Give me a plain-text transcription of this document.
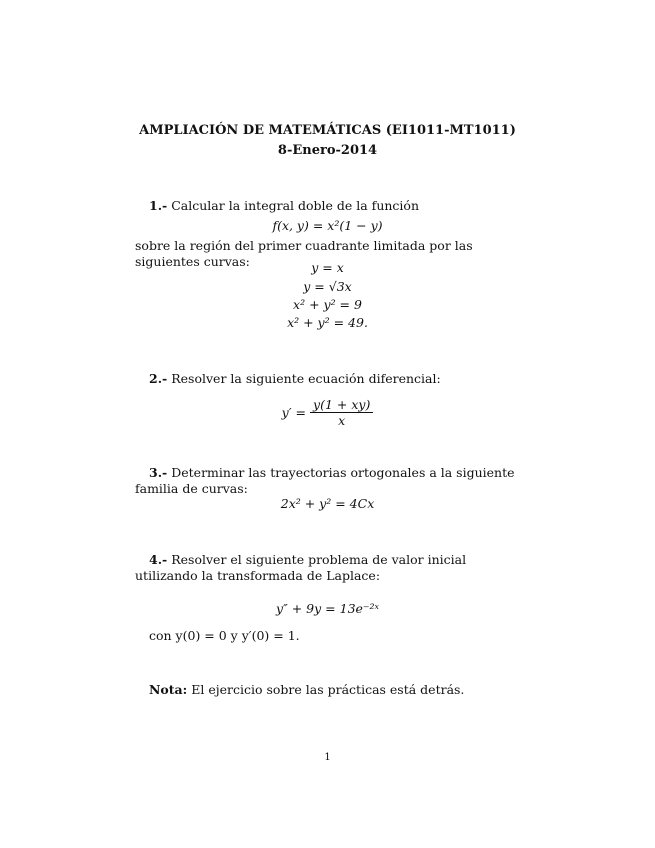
AMPLIACIÓN DE MATEMÁTICAS (EI1011-MT1011)
8-Enero-2014
1.- Calcular la integral doble de la función
f(x, y) = x²(1 − y)
sobre la región del primer cuadrante limitada por las siguientes curvas:	y = x
y = √3x
x² + y² = 9
x² + y² = 49.
2.- Resolver la siguiente ecuación diferencial:
$y' = \frac{y(1 + xy)}{x}$
3.- Determinar las trayectorias ortogonales a la siguiente familia de curvas:
2x² + y² = 4Cx
4.- Resolver el siguiente problema de valor inicial utilizando la transformada de Laplace:
y″ + 9y = 13e⁻²ˣ
con y(0) = 0 y y′(0) = 1.
Nota: El ejercicio sobre las prácticas está detrás.
1
